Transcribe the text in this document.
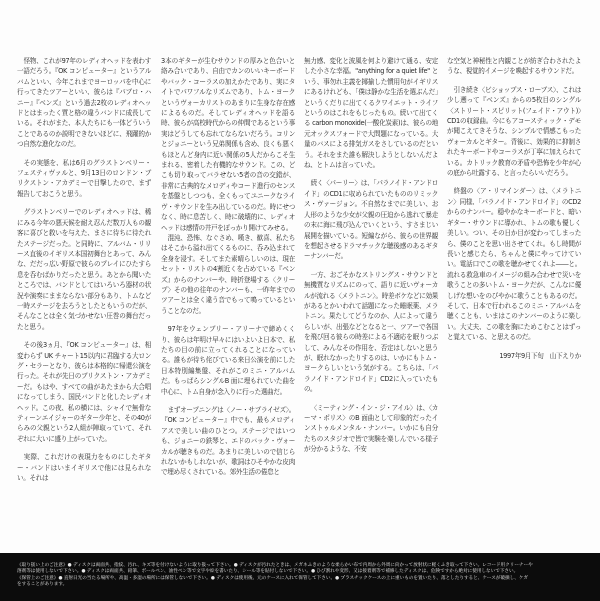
怪物、これが97年のレディオヘッドを表わす一語だろう。『OK コンピューター』というアルバムといい、今年これまでヨーロッパを中心に行ってきたツアーといい、彼らは『パブロ・ハニー』『ベンズ』という過去2枚のレディオヘッドとはまったく質と格の違うバンドに成長している。それがまた、本人たちにも一体どういうことであるのか説明できないほどに、飛躍的かつ自然な進化なのだ。

その実態を、私は6月のグラストンベリー・フェスティヴァルと、9月13日のロンドン・ブリクストン・アカデミーで目撃したので、まず報告しておこうと思う。

グラストンベリーでのレディオヘッドは、稀にみる今年の悪天候を耐え忍んだ数万人もの観客に喜びと救いを与えた、まさに待ちに待たれたステージだった。と同時に、アルバム・リリース直後のイギリス本国初舞台とあって、みんな、だだっ広い野原で彼らのプレイにひたすら息を呑むばかりだったと思う。あとから聞いたところでは、バンドとしてはいろいろ器材の状況や演奏にままならない部分もあり、トムなど一時ステージを去ろうとしたともいうのだが、そんなことは全く気づかせない圧巻の舞台だったと思う。

その後3ヵ月、『OK コンピューター』は、相変わらず UK チャート15以内に君臨する大ロング・セラーとなり、彼らは本格的に帰還公演を行った。それが先日のブリクストン・アカデミーだ。もはや、すべての曲があたまから大合唱になってしまう、国民バンドと化したレディオヘッド。この夜、私の横には、シャイで無骨なティーンエイジャーのギター少年と、その40がらみの父親という2人組が陣取っていて、それぞれに大いに盛り上がっていた。

実際、これだけの表現力をものにしたギター・バンドはいまイギリスで他には見られない。それは

3本のギターが生むサウンドの厚みと色合いと絡み合いであり、自由でカンのいいキーボードやバック・コーラスの加えかたであり、実にタイトでパワフルなリズムであり、トム・ヨークというヴォーカリストのあまりに生身な存在感によるものだ。そしてレディオヘッドを語る時、彼らが高校時代からの仲間であるという事実はどうしても忘れてならないだろう。コリンとジョニーという兄弟関係も含め、良くも悪くもほとんど身内に近い関係の5人だからこそ生まれる、密着した有機的なサウンド。この、どこも切り取ってバラせない5者の音の交錯が、非常に古典的なメロディやコード進行のセンスを基盤としつつも、全くもってユニークなライヴ・サウンドを生み出しているのだ。時にせつなく、時に息苦しく、時に破壊的に、レディオヘッドは感情の井戸をぽっかり開けてみせる。

混沌、恐怖、なぐさめ、嘆き、歓喜、私たちはそこから溢れ出てくるものに、呑み込まれて全身を浸す。そしてまた素晴らしいのは、現在セット・リストの4割近くを占めている『ベンズ』からのナンバーや、時折登場する〈クリープ〉その他の往年のナンバーも、一昨年までのツアーとは全く違う音でもって鳴っているということなのだ。

97年をウェンブリー・アリーナで締めくくり、彼らは年明け早々にはいよいよ日本で、私たちの目の前に立ってくれることになっている。誰もが待ち侘びている来日公演を前にした日本特別編集盤、それがこのミニ・アルバムだ。もっぱらシングルB 面に埋もれていた曲を中心に、トム自身が念入りに行った選曲だ。

まずオープニングは〈ノー・サプライゼズ〉。『OK コンピューター』中でも、最もメロディアスで美しい曲のひとつ。ステージではいつも、ジョニーの鉄琴と、エドのバック・ヴォーカルが聴きものだ。あまりに美しいので信じられないかもしれないが、歌詞はひそやかな皮肉で埋め尽くされている。郊外生活の倦怠と

無力感、変化と波風を何より避けて通る、安定した小さな幸福。"anything for a quiet life" という、事勿れ主義を揶揄した慣用句がイギリスにあるけれども、「僕は静かな生活を選ぶんだ」というくだりに出てくるクワイエット・ライフというのはこれをもじったもの。続いて出てくる carbon monoxide(一酸化炭素)は、彼らの地元オックスフォードで大問題になっている。大量のバスによる排気ガスをさしているのだという。それをまた誰も解決しようとしないんだよね、とトムは言っていた。

続く〈パーリー〉は、「パラノイド・アンドロイド」のCD1に収められていたもののリミックス・ヴァージョン。不自然なまでに美しい、お人形のような少女が父親の圧迫から逃れて暴走の末に海に飛び込んでいくという、すさまじい展開を描いている。短編ながら、彼らの世界観を想起させるドラマチックな聴後感のあるギターナンバーだ。

一方、おごそかなストリングス・サウンドと無機質なリズムにのって、語りに近いヴォーカルが流れる〈メラトニン〉。時差ボケなどに効果があるとかいわれて話題になった睡眠薬、メラトニン。果たしてどうなのか、人によって違うらしいが、出張などとなると一、ツアーで各国を飛び回る彼らの時差による不適応を眠りつぶして、みんなその作用を、否定はしないと思うが、眠れなかったりするのは、いかにもトム・ヨークらしいという気がする。こちらは、「パラノイド・アンドロイド」CD2に入っていたもの。

〈ミーティング・イン・ジ・アイル〉は、〈カーマ・ポリス〉のB 面曲として印象的だったインストゥルメンタル・ナンバー。いかにも自分たちのスタジオで皆で実験を楽しんでいる様子が分かるような、不安

な空気と神秘性と内観ことが紡ぎ合わされたような、視覚的イメージを喚起するサウンドだ。

引き続き〈ビショップス・ローブス〉、これは少し遡って『ベンズ』からの5枚目のシングル〈ストリート・スピリット(フェイド・アウト)〉CD1の収録曲。今にもアコースティック・デモが聞こえてきそうな、シンプルで情感こもったヴォーカルとギター。背後に、効果的に抑制されたキーボードやコーラスが丁寧に加えられている。カトリック教育の矛盾や恐怖を少年が心の底から吐露する、と言ったらいいだろう。

終盤の〈ア・リマインダー〉は、〈メラトニン〉同様、「パラノイド・アンドロイド」のCD2からのナンバー。穏やかなキーボードと、暗いギター・サウンドに導かれ、トムの歌も優しく美しい。つい、その日か目が変わってしまったら、僕のことを思い出させてくれ。もし時間が長いと感じたら、ちゃんと僕にやってけていい。電話口でこの歌を聴かせてくれよ――と。流れる救急車のイメージの組み合わせで災いを歌うことの多いトム・ヨークだが、こんなに優しげな想いをのびやかに歌うこともあるのだ。そして、日本で行われるこのミニ・アルバムを聴くことも、いまはこのナンバーのように楽しい。大丈夫、この歌を胸にためこむことはずっと覚えている、と思えるのだ。

1997年9月下旬　山下えりか

《取り扱い上のご注意》● ディスクは両面共、指紋、汚れ、キズ等を付けないように取り扱って下さい。● ディスクが汚れたときは、メガネふきのような柔らかい布で内周から外周に向かって放射状に軽くふき取って下さい。レコード用クリーナーや
溶剤等は使用しないで下さい。● ディスクは両面共、鉛筆、ボールペン、油性ペン等で文字や絵を書いたり、シール等を貼付しないで下さい。● ひび割れや変形、又は接着剤等で補修したディスクは、危険ですから絶対に使用しないで下さい。
《保管上のご注意》● 直射日光の当たる場所や、高温・多湿の場所には保管しないで下さい。● ディスクは使用後、元のケースに入れて保管して下さい。● プラスチックケースの上に重いものを置いたり、落としたりすると、ケースが破損し、ケガ
をすることがあります。
